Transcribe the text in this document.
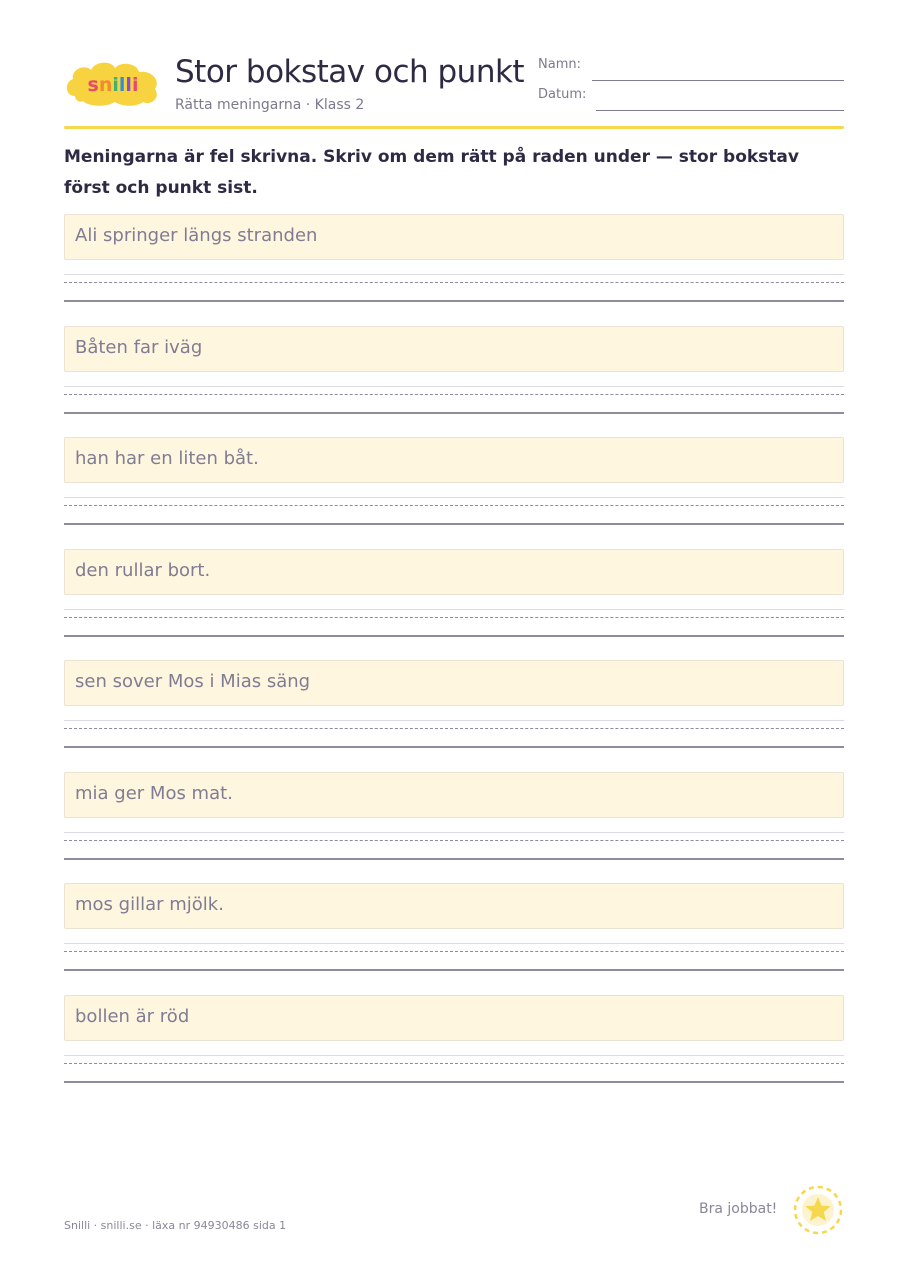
snilli Stor bokstav och punkt
Rätta meningarna · Klass 2
Namn:
Datum:
Meningarna är fel skrivna. Skriv om dem rätt på raden under — stor bokstav först och punkt sist.
Ali springer längs stranden
Båten far iväg
han har en liten båt.
den rullar bort.
sen sover Mos i Mias säng
mia ger Mos mat.
mos gillar mjölk.
bollen är röd
Snilli · snilli.se · läxa nr 94930486 sida 1
Bra jobbat!
